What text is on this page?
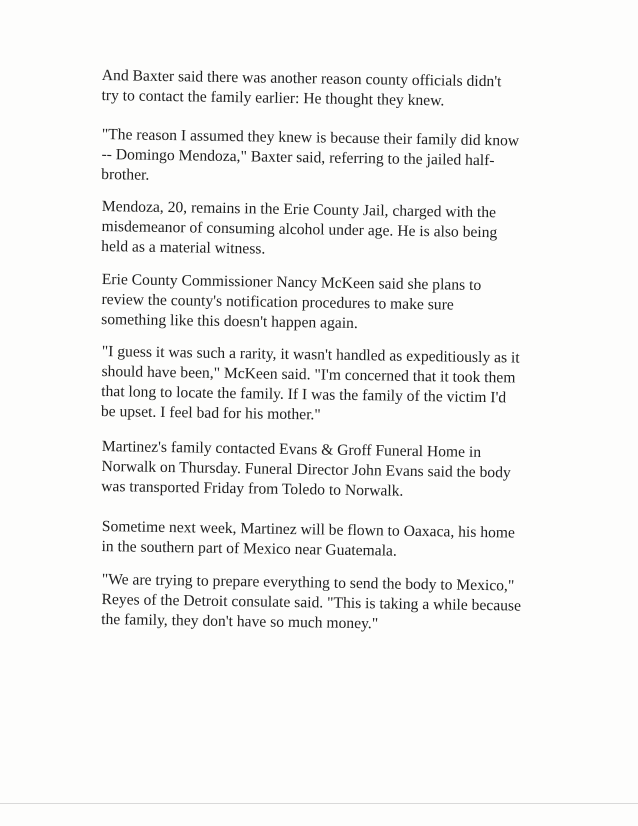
And Baxter said there was another reason county officials didn't
try to contact the family earlier: He thought they knew.

"The reason I assumed they knew is because their family did know
-- Domingo Mendoza," Baxter said, referring to the jailed half-
brother.

Mendoza, 20, remains in the Erie County Jail, charged with the
misdemeanor of consuming alcohol under age. He is also being
held as a material witness.

Erie County Commissioner Nancy McKeen said she plans to
review the county's notification procedures to make sure
something like this doesn't happen again.

"I guess it was such a rarity, it wasn't handled as expeditiously as it
should have been," McKeen said. "I'm concerned that it took them
that long to locate the family. If I was the family of the victim I'd
be upset. I feel bad for his mother."

Martinez's family contacted Evans & Groff Funeral Home in
Norwalk on Thursday. Funeral Director John Evans said the body
was transported Friday from Toledo to Norwalk.

Sometime next week, Martinez will be flown to Oaxaca, his home
in the southern part of Mexico near Guatemala.

"We are trying to prepare everything to send the body to Mexico,"
Reyes of the Detroit consulate said. "This is taking a while because
the family, they don't have so much money."
